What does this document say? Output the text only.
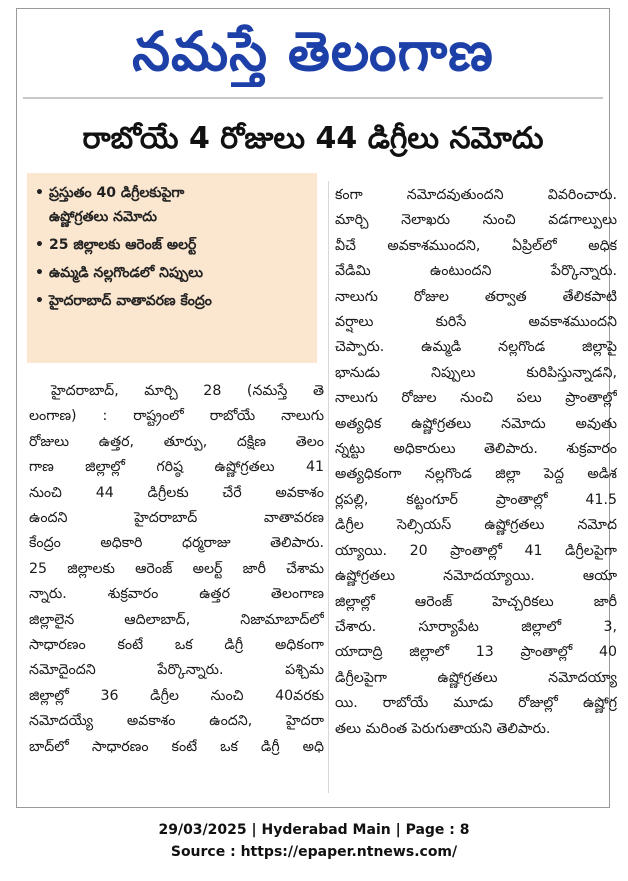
నమస్తే తెలంగాణ
రాబోయే 4 రోజులు 44 డిగ్రీలు నమోదు
• ప్రస్తుతం 40 డిగ్రీలకుపైగా
ఉష్ణోగ్రతలు నమోదు
• 25 జిల్లాలకు ఆరెంజ్‌ అలర్ట్‌
• ఉమ్మడి నల్లగొండలో నిప్పులు
• హైదరాబాద్‌ వాతావరణ కేంద్రం

హైదరాబాద్‌, మార్చి 28 (నమస్తే తె

లంగాణ) : రాష్ట్రంలో రాబోయే నాలుగు

రోజులు ఉత్తర, తూర్పు, దక్షిణ తెలం

గాణ జిల్లాల్లో గరిష్ఠ ఉష్ణోగ్రతలు 41

నుంచి 44 డిగ్రీలకు చేరే అవకాశం

ఉందని హైదరాబాద్‌ వాతావరణ

కేంద్రం అధికారి ధర్మరాజు తెలిపారు.

25 జిల్లాలకు ఆరెంజ్‌ అలర్ట్‌ జారీ చేశామ

న్నారు. శుక్రవారం ఉత్తర తెలంగాణ

జిల్లాలైన ఆదిలాబాద్‌, నిజామాబాద్‌లో

సాధారణం కంటే ఒక డిగ్రీ అధికంగా

నమోదైందని పేర్కొన్నారు. పశ్చిమ

జిల్లాల్లో 36 డిగ్రీల నుంచి 40వరకు

నమోదయ్యే అవకాశం ఉందని, హైదరా

బాద్‌లో సాధారణం కంటే ఒక డిగ్రీ అధి

కంగా నమోదవుతుందని వివరించారు.

మార్చి నెలాఖరు నుంచి వడగాల్పులు

వీచే అవకాశముందని, ఏప్రిల్‌లో అధిక

వేడిమి ఉంటుందని పేర్కొన్నారు.

నాలుగు రోజుల తర్వాత తేలికపాటి

వర్షాలు కురిసే అవకాశముందని

చెప్పారు. ఉమ్మడి నల్లగొండ జిల్లాపై

భానుడు నిప్పులు కురిపిస్తున్నాడని,

నాలుగు రోజుల నుంచి పలు ప్రాంతాల్లో

అత్యధిక ఉష్ణోగ్రతలు నమోదు అవుతు

న్నట్టు అధికారులు తెలిపారు. శుక్రవారం

అత్యధికంగా నల్లగొండ జిల్లా పెద్ద అడిశ

ర్లపల్లి, కట్టంగూర్‌ ప్రాంతాల్లో 41.5

డిగ్రీల సెల్సియస్‌ ఉష్ణోగ్రతలు నమోద

య్యాయి. 20 ప్రాంతాల్లో 41 డిగ్రీలపైగా

ఉష్ణోగ్రతలు నమోదయ్యాయి. ఆయా

జిల్లాల్లో ఆరెంజ్‌ హెచ్చరికలు జారీ

చేశారు. సూర్యాపేట జిల్లాలో 3,

యాదాద్రి జిల్లాలో 13 ప్రాంతాల్లో 40

డిగ్రీలపైగా ఉష్ణోగ్రతలు నమోదయ్యా

యి. రాబోయే మూడు రోజుల్లో ఉష్ణోగ్ర

తలు మరింత పెరుగుతాయని తెలిపారు.

29/03/2025 | Hyderabad Main | Page : 8
Source : https://epaper.ntnews.com/
